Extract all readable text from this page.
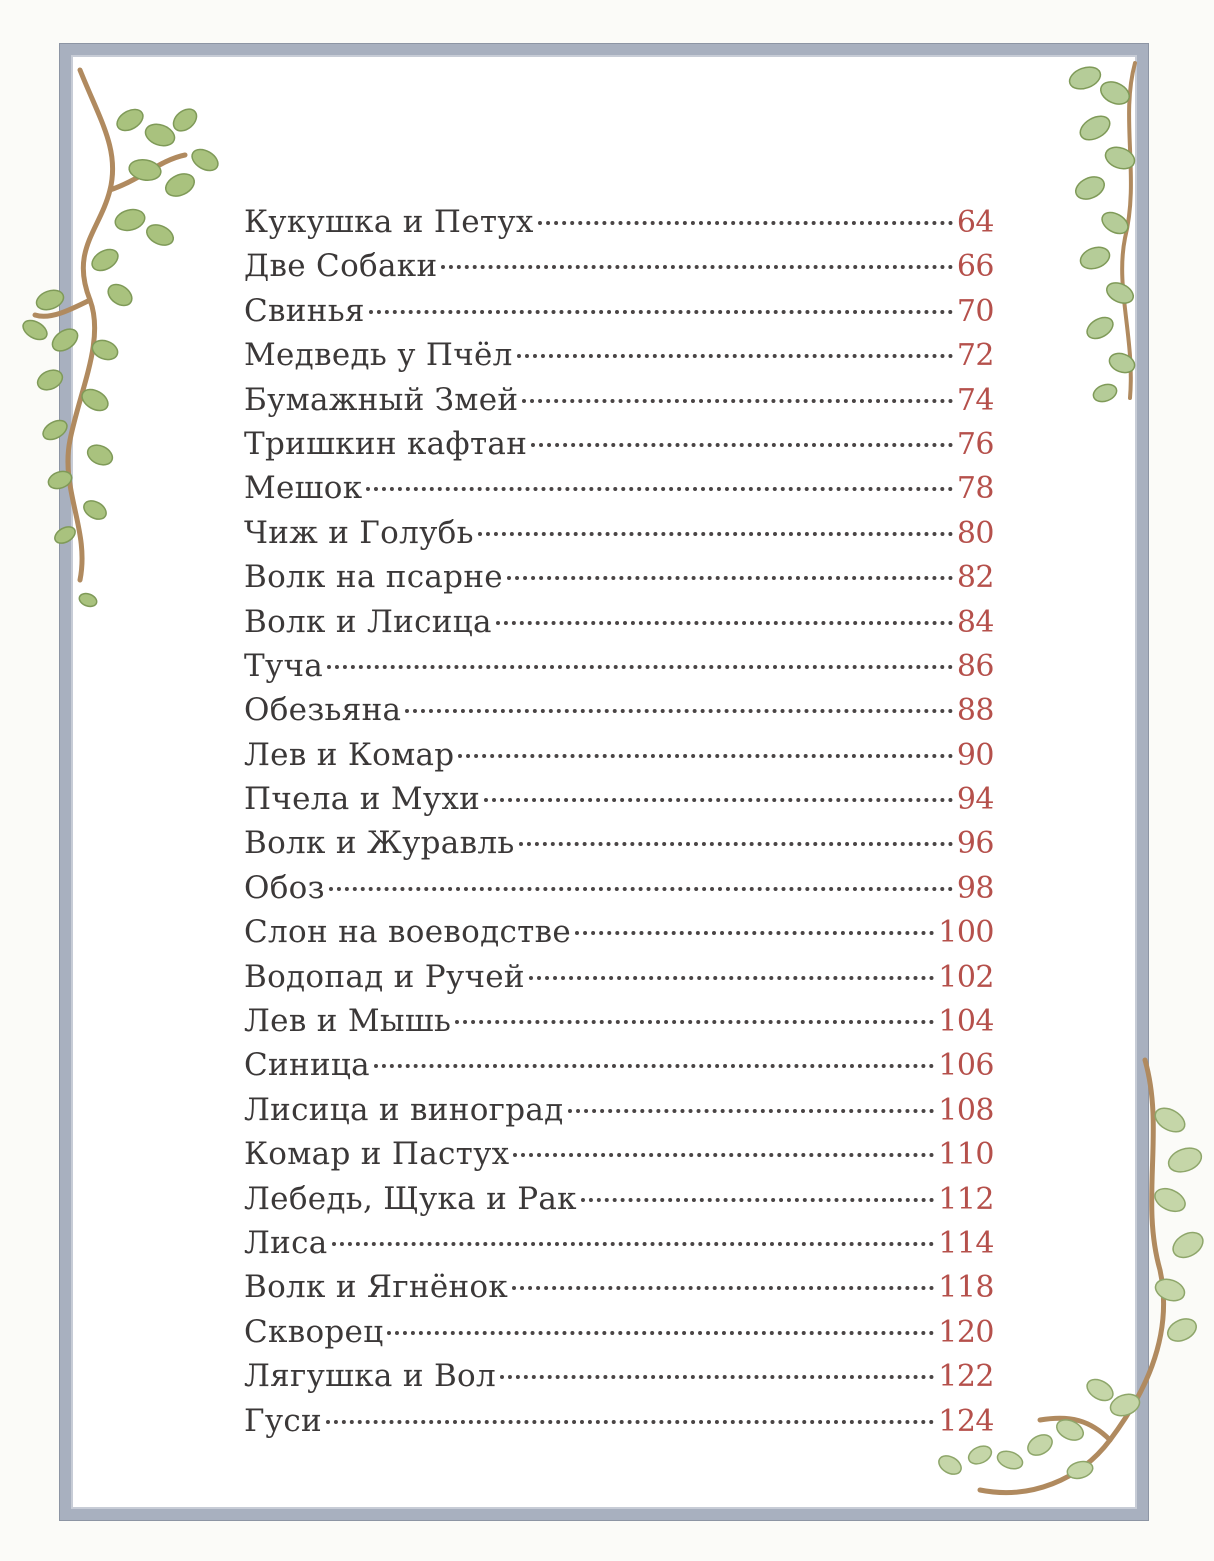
Кукушка и Петух	64
Две Собаки	66
Свинья	70
Медведь у Пчёл	72
Бумажный Змей	74
Тришкин кафтан	76
Мешок	78
Чиж и Голубь	80
Волк на псарне	82
Волк и Лисица	84
Туча	86
Обезьяна	88
Лев и Комар	90
Пчела и Мухи	94
Волк и Журавль	96
Обоз	98
Слон на воеводстве	100
Водопад и Ручей	102
Лев и Мышь	104
Синица	106
Лисица и виноград	108
Комар и Пастух	110
Лебедь, Щука и Рак	112
Лиса	114
Волк и Ягнёнок	118
Скворец	120
Лягушка и Вол	122
Гуси	124
